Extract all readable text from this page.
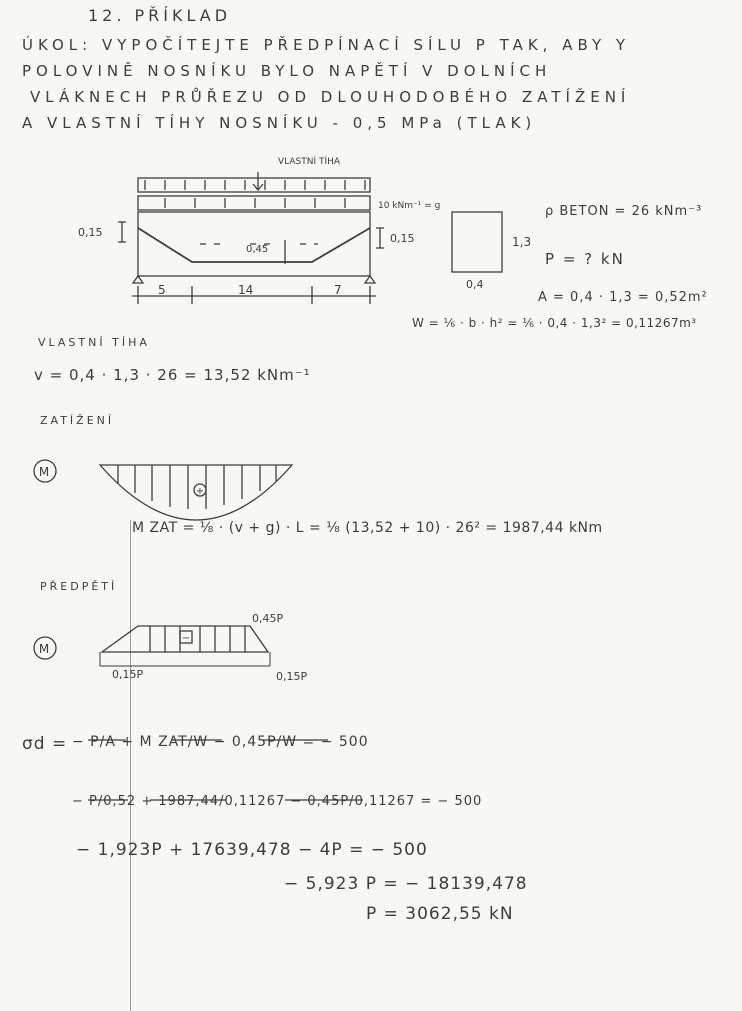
12. PŘÍKLAD
ÚKOL: VYPOČÍTEJTE PŘEDPÍNACÍ SÍLU P TAK, ABY Y
POLOVINĚ NOSNÍKU BYLO NAPĚTÍ V DOLNÍCH
VLÁKNECH PRŮŘEZU OD DLOUHODOBÉHO ZATÍŽENÍ
A VLASTNÍ TÍHY NOSNÍKU - 0,5 MPa (TLAK)
VLASTNÍ TÍHA
10 kNm⁻¹ = g
0,15	0,15
0,45
5	14	7
1,3
0,4
M
+
M
−
0,45P
0,15P	0,15P
ρ BETON = 26 kNm⁻³
P = ? kN
A = 0,4 · 1,3 = 0,52m²
W = ⅙ · b · h² = ⅙ · 0,4 · 1,3² = 0,11267m³
VLASTNÍ TÍHA
v = 0,4 · 1,3 · 26 = 13,52 kNm⁻¹
ZATÍŽENÍ
M ZAT = ⅛ · (v + g) · L = ⅛ (13,52 + 10) · 26² = 1987,44 kNm
PŘEDPĚTÍ
σd = − P/A + M ZAT/W − 0,45P/W = − 500
− P/0,52 + 1987,44/0,11267 − 0,45P/0,11267 = − 500
− 1,923P + 17639,478 − 4P = − 500
− 5,923 P = − 18139,478
P = 3062,55 kN
